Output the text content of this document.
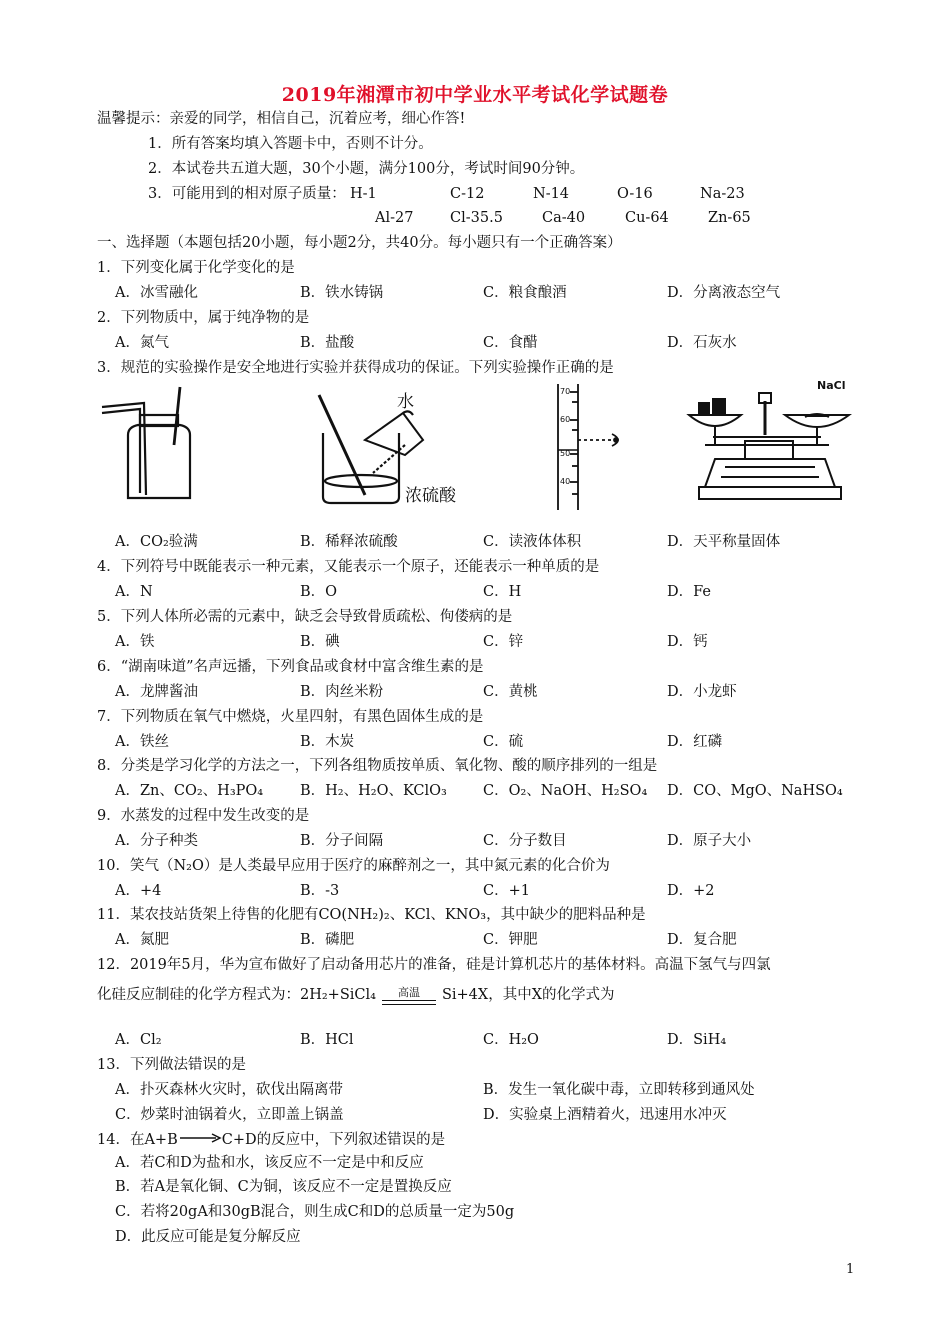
2019年湘潭市初中学业水平考试化学试题卷
温馨提示：亲爱的同学，相信自己，沉着应考，细心作答!
1．所有答案均填入答题卡中，否则不计分。
2．本试卷共五道大题，30个小题，满分100分，考试时间90分钟。
3．可能用到的相对原子质量： H-1	C-12	N-14	O-16	Na-23
Al-27	Cl-35.5	Ca-40	Cu-64	Zn-65
一、选择题（本题包括20小题，每小题2分，共40分。每小题只有一个正确答案）
1．下列变化属于化学变化的是
A．冰雪融化	B．铁水铸锅	C．粮食酿酒	D．分离液态空气
2．下列物质中，属于纯净物的是
A．氮气	B．盐酸	C．食醋	D．石灰水
3．规范的实验操作是安全地进行实验并获得成功的保证。下列实验操作正确的是
水
浓硫酸
70
60
50
40
NaCl
A．CO₂验满	B．稀释浓硫酸	C．读液体体积	D．天平称量固体
4．下列符号中既能表示一种元素，又能表示一个原子，还能表示一种单质的是
A．N	B．O	C．H	D．Fe
5．下列人体所必需的元素中，缺乏会导致骨质疏松、佝偻病的是
A．铁	B．碘	C．锌	D．钙
6．“湖南味道”名声远播，下列食品或食材中富含维生素的是
A．龙牌酱油	B．肉丝米粉	C．黄桃	D．小龙虾
7．下列物质在氧气中燃烧，火星四射，有黑色固体生成的是
A．铁丝	B．木炭	C．硫	D．红磷
8．分类是学习化学的方法之一，下列各组物质按单质、氧化物、酸的顺序排列的一组是
A．Zn、CO₂、H₃PO₄	B．H₂、H₂O、KClO₃ C．O₂、NaOH、H₂SO₄ D．CO、MgO、NaHSO₄
9．水蒸发的过程中发生改变的是
A．分子种类	B．分子间隔	C．分子数目	D．原子大小
10．笑气（N₂O）是人类最早应用于医疗的麻醉剂之一，其中氮元素的化合价为
A．+4	B．-3	C．+1	D．+2
11．某农技站货架上待售的化肥有CO(NH₂)₂、KCl、KNO₃，其中缺少的肥料品种是
A．氮肥	B．磷肥	C．钾肥	D．复合肥
12．2019年5月，华为宣布做好了启动备用芯片的准备，硅是计算机芯片的基体材料。高温下氢气与四氯
化硅反应制硅的化学方程式为：2H₂+SiCl₄	高温	Si+4X，其中X的化学式为
A．Cl₂	B．HCl	C．H₂O	D．SiH₄
13．下列做法错误的是
A．扑灭森林火灾时，砍伐出隔离带	B．发生一氧化碳中毒，立即转移到通风处
C．炒菜时油锅着火，立即盖上锅盖	D．实验桌上酒精着火，迅速用水冲灭
14．在A+B→C+D的反应中，下列叙述错误的是
A．若C和D为盐和水，该反应不一定是中和反应
B．若A是氧化铜、C为铜，该反应不一定是置换反应
C．若将20gA和30gB混合，则生成C和D的总质量一定为50g
D．此反应可能是复分解反应
1
